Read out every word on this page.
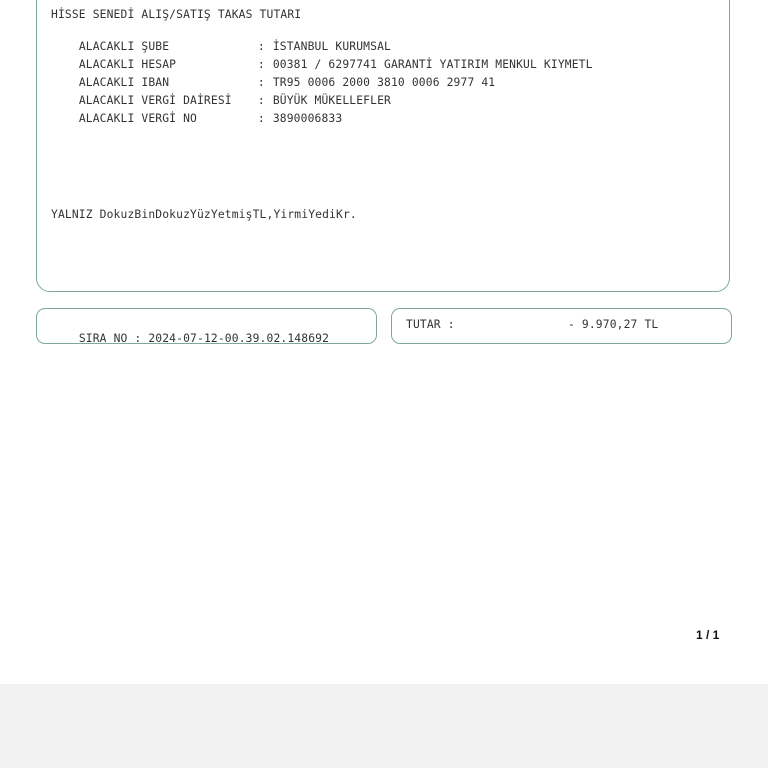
HİSSE SENEDİ ALIŞ/SATIŞ TAKAS TUTARI

ALACAKLI ŞUBE	: İSTANBUL KURUMSAL

ALACAKLI HESAP	: 00381 / 6297741 GARANTİ YATIRIM MENKUL KIYMETL

ALACAKLI IBAN	: TR95 0006 2000 3810 0006 2977 41

ALACAKLI VERGİ DAİRESİ : BÜYÜK MÜKELLEFLER

ALACAKLI VERGİ NO	: 3890006833

YALNIZ DokuzBinDokuzYüzYetmişTL,YirmiYediKr.

SIRA NO : 2024-07-12-00.39.02.148692

TUTAR :	- 9.970,27 TL
1 / 1
